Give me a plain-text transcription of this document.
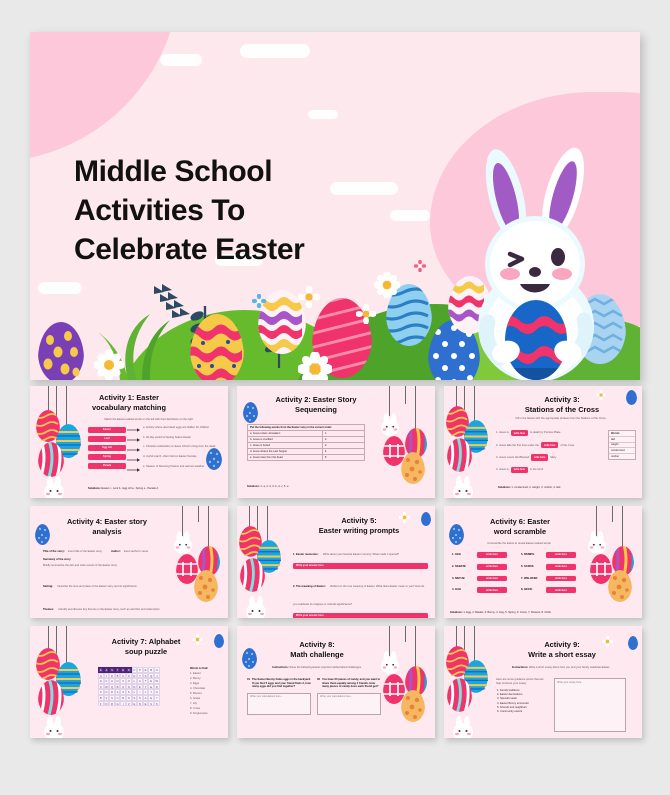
Middle School
Activities To
Celebrate Easter
Activity 1: Easter
vocabulary matching
Match the Easter-related words on the left with their definitions on the right.
Easter
Lent
Egg roll
Spring
Parade
a. Activity where decorated eggs are hidden for children
b. 40-day period of fasting before Easter
c. Christian celebration of Jesus Christ's rising from the dead
d. Joyful march, often held on Easter Sunday
e. Season of blooming flowers and warmer weather
Solutions: Easter c., Lent b., Egg roll a., Spring e., Parade d.
Activity 2: Easter Story
Sequencing
Put the following events from the Easter story in the correct order:	
a. Jesus enters Jerusalem	1.
b. Jesus is crucified	2.
c. Jesus is buried	3.
d. Jesus shares the Last Supper	4.
e. Jesus rises from the dead	5.
Solutions: 1- a, 2- d, 3- b, 4- c, 5- e.
Activity 3:
Stations of the Cross
Fill in the blanks with the appropriate phrases from the Stations of the Cross.
1. Jesus is	write here	to death by Pontius Pilate
2. Jesus falls the first time under the	write here	of the cross
3. Jesus meets His Blessed	write here	Mary
4. Jesus is	write here	in the tomb
Words:
laid
weight
condemned
mother
Solutions: 1. condemned, 2. weight, 3. mother, 4. laid
Activity 4: Easter story
analysis
Title of the story: Insert title of the Easter story	Author: Insert author's name
Summary of the story
Briefly summarize the plot and main events of the Easter story
Setting: Describe the time and place of the Easter story and its significance
Themes: Identify and discuss key themes in the Easter story, such as sacrifice and redemption
Activity 5:
Easter writing prompts
1. Easter memories: Write about your favorite Easter memory. What made it special?
Write your answer here
2. The meaning of Easter: Reflect on the true meaning of Easter. What does Easter mean to you? How do you celebrate its religious or cultural significance?
Write your answer here
Activity 6: Easter
word scramble
Unscramble the letters to reveal Easter-related words
1. GEG	write here	5. RSNIPG	write here
2. SKBATE	write here	6. SCROS	write here
3. NNYUB	write here	7. WSLOFER	write here
4. GUH	write here	8. HKCIC	write here
Solutions: 1. Egg, 2. Basket, 3. Bunny, 4. Hug, 5. Spring, 6. Cross, 7. Flowers, 8. Chick
Activity 7: Alphabet
soup puzzle
E	A	S	T	E	R	U	P	E	B	H
Q	Y	D	B	U	N	N	Y	S	Q	J
Q	C	H	O	C	O	L	A	T	E	W
S	W	Q	B	O	N	N	E	T	E	D
C	G	R	A	S	S	L	I	L	Y	G
B	V	S	C	R	O	S	S	A	E	Y
F	O	R	G	I	V	E	N	E	S	S
Words to find:
1. Easter
2. Bunny
3. Eggs
4. Chocolate
5. Bonnet
6. Grass
7. Lily
8. Cross
9. Forgiveness
Activity 8:
Math challenge
Instructions: Solve the following Easter-inspired mathematical challenges.
01 The Easter Bunny hides eggs in the backyard. If you find 5 eggs and your friend finds 3, how many eggs did you find together?
Write your calculations here...
02 You have 20 pieces of candy, and you want to share them equally among 4 friends. How many pieces of candy does each friend get?
Write your calculations here...
Activity 9:
Write a short essay
Instructions: Write a short essay about how you and your family celebrate Easter.
Here are some guidance points that can help structure your essay:
1. Family traditions
2. Easter decorations
3. Special meals
4. Easter Bunny encounter
5. Friends and neighbors
6. Community events
Write your essay here...
